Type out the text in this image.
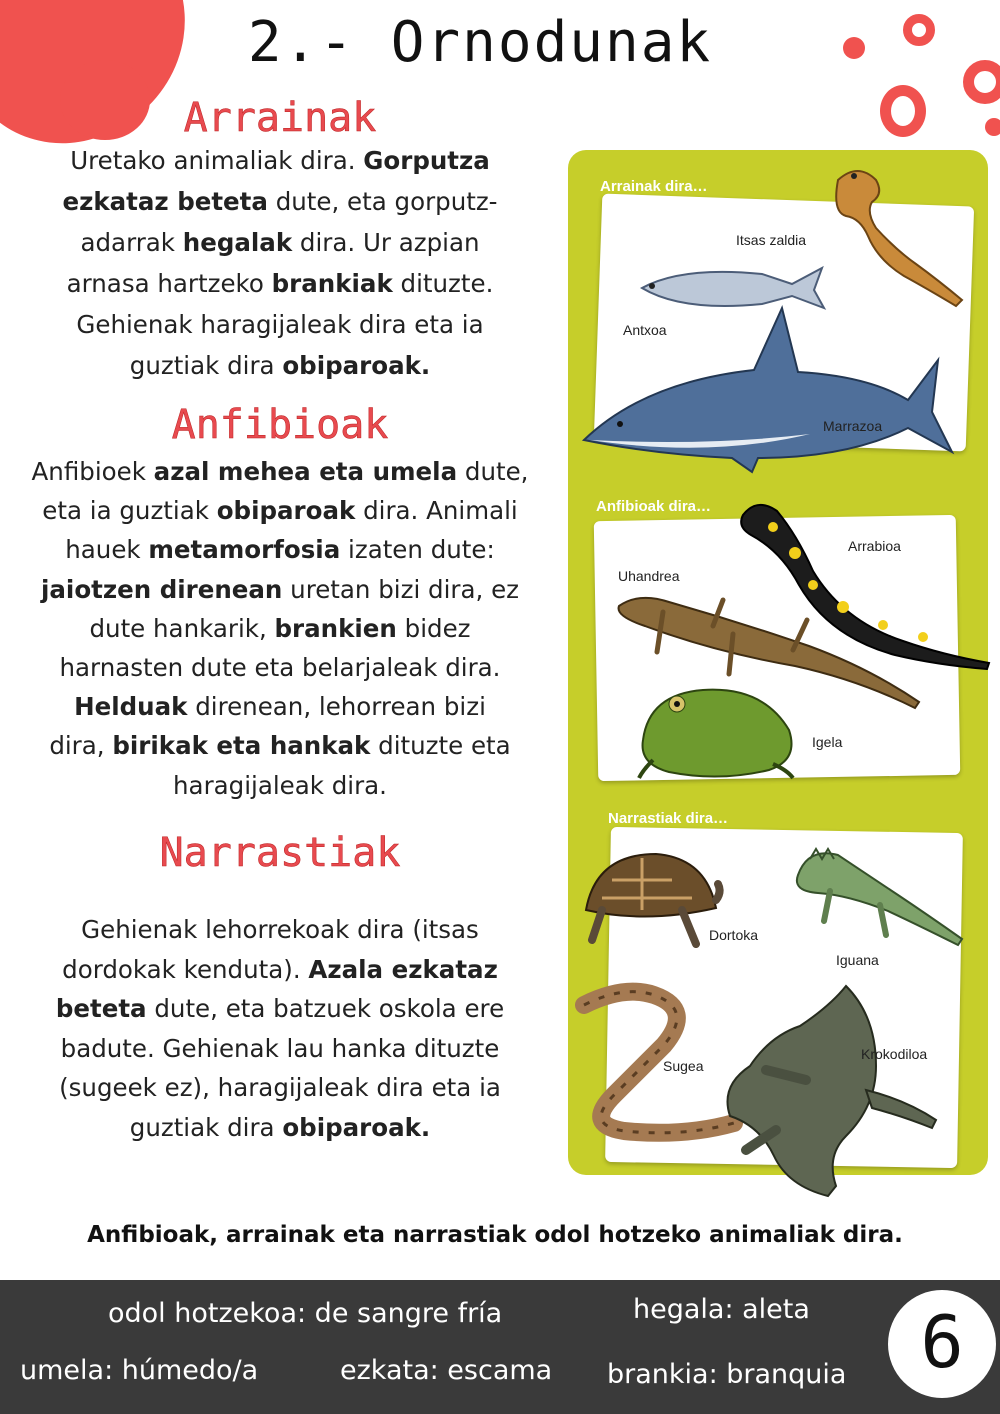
2.- Ornodunak
Arrainak
Uretako animaliak dira. Gorputza
ezkataz beteta dute, eta gorputz-
adarrak hegalak dira. Ur azpian
arnasa hartzeko brankiak dituzte.
Gehienak haragijaleak dira eta ia
guztiak dira obiparoak.
Anfibioak
Anfibioek azal mehea eta umela dute,
eta ia guztiak obiparoak dira. Animali
hauek metamorfosia izaten dute:
jaiotzen direnean uretan bizi dira, ez
dute hankarik, brankien bidez
harnasten dute eta belarjaleak dira.
Helduak direnean, lehorrean bizi
dira, birikak eta hankak dituzte eta
haragijaleak dira.
Narrastiak
Gehienak lehorrekoak dira (itsas
dordokak kenduta). Azala ezkataz
beteta dute, eta batzuek oskola ere
badute. Gehienak lau hanka dituzte
(sugeek ez), haragijaleak dira eta ia
guztiak dira obiparoak.
Arrainak dira…
Itsas zaldia
Antxoa
Marrazoa
Anfibioak dira…
Arrabioa
Uhandrea
Igela
Narrastiak dira…
Dortoka
Iguana
Sugea
Krokodiloa
Anfibioak, arrainak eta narrastiak odol hotzeko animaliak dira.
odol hotzekoa: de sangre fría	hegala: aleta
umela: húmedo/a	ezkata: escama brankia: branquia	6
